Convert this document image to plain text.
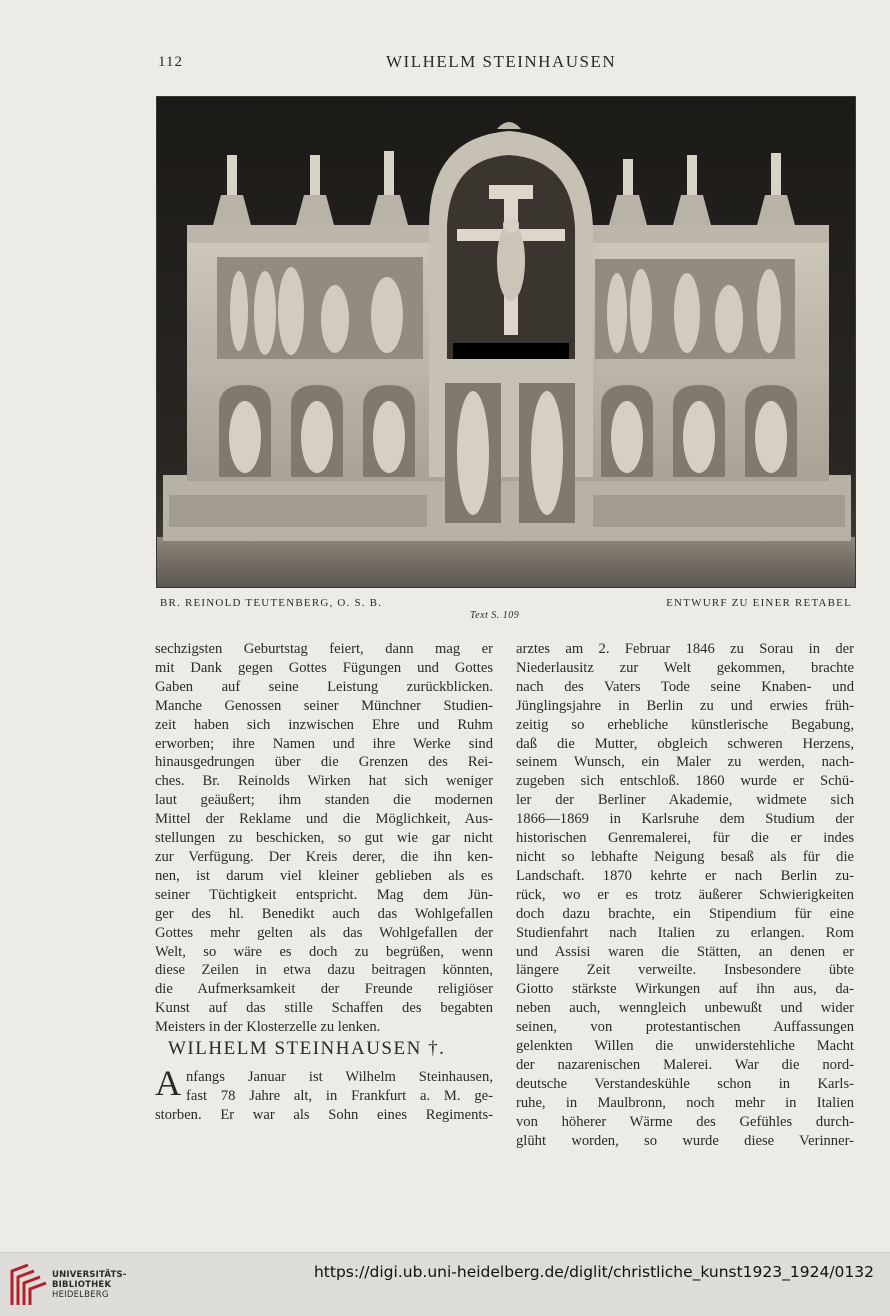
112	WILHELM STEINHAUSEN
BR. REINOLD TEUTENBERG, O. S. B.	ENTWURF ZU EINER RETABEL
Text S. 109

sechzigsten Geburtstag feiert, dann mag er

mit Dank gegen Gottes Fügungen und Gottes

Gaben auf seine Leistung zurückblicken.

Manche Genossen seiner Münchner Studien-

zeit haben sich inzwischen Ehre und Ruhm

erworben; ihre Namen und ihre Werke sind

hinausgedrungen über die Grenzen des Rei-

ches. Br. Reinolds Wirken hat sich weniger

laut geäußert; ihm standen die modernen

Mittel der Reklame und die Möglichkeit, Aus-

stellungen zu beschicken, so gut wie gar nicht

zur Verfügung. Der Kreis derer, die ihn ken-

nen, ist darum viel kleiner geblieben als es

seiner Tüchtigkeit entspricht. Mag dem Jün-

ger des hl. Benedikt auch das Wohlgefallen

Gottes mehr gelten als das Wohlgefallen der

Welt, so wäre es doch zu begrüßen, wenn

diese Zeilen in etwa dazu beitragen könnten,

die Aufmerksamkeit der Freunde religiöser

Kunst auf das stille Schaffen des begabten

Meisters in der Klosterzelle zu lenken.

WILHELM STEINHAUSEN †.
A nfangs Januar ist Wilhelm Steinhausen,

fast 78 Jahre alt, in Frankfurt a. M. ge-

storben. Er war als Sohn eines Regiments-

arztes am 2. Februar 1846 zu Sorau in der

Niederlausitz zur Welt gekommen, brachte

nach des Vaters Tode seine Knaben- und

Jünglingsjahre in Berlin zu und erwies früh-

zeitig so erhebliche künstlerische Begabung,

daß die Mutter, obgleich schweren Herzens,

seinem Wunsch, ein Maler zu werden, nach-

zugeben sich entschloß. 1860 wurde er Schü-

ler der Berliner Akademie, widmete sich

1866—1869 in Karlsruhe dem Studium der

historischen Genremalerei, für die er indes

nicht so lebhafte Neigung besaß als für die

Landschaft. 1870 kehrte er nach Berlin zu-

rück, wo er es trotz äußerer Schwierigkeiten

doch dazu brachte, ein Stipendium für eine

Studienfahrt nach Italien zu erlangen. Rom

und Assisi waren die Stätten, an denen er

längere Zeit verweilte. Insbesondere übte

Giotto stärkste Wirkungen auf ihn aus, da-

neben auch, wenngleich unbewußt und wider

seinen, von protestantischen Auffassungen

gelenkten Willen die unwiderstehliche Macht

der nazarenischen Malerei. War die nord-

deutsche Verstandeskühle schon in Karls-

ruhe, in Maulbronn, noch mehr in Italien

von höherer Wärme des Gefühles durch-

glüht worden, so wurde diese Verinner-

UNIVERSITÄTS-
BIBLIOTHEK
HEIDELBERG
https://digi.ub.uni-heidelberg.de/diglit/christliche_kunst1923_1924/0132
